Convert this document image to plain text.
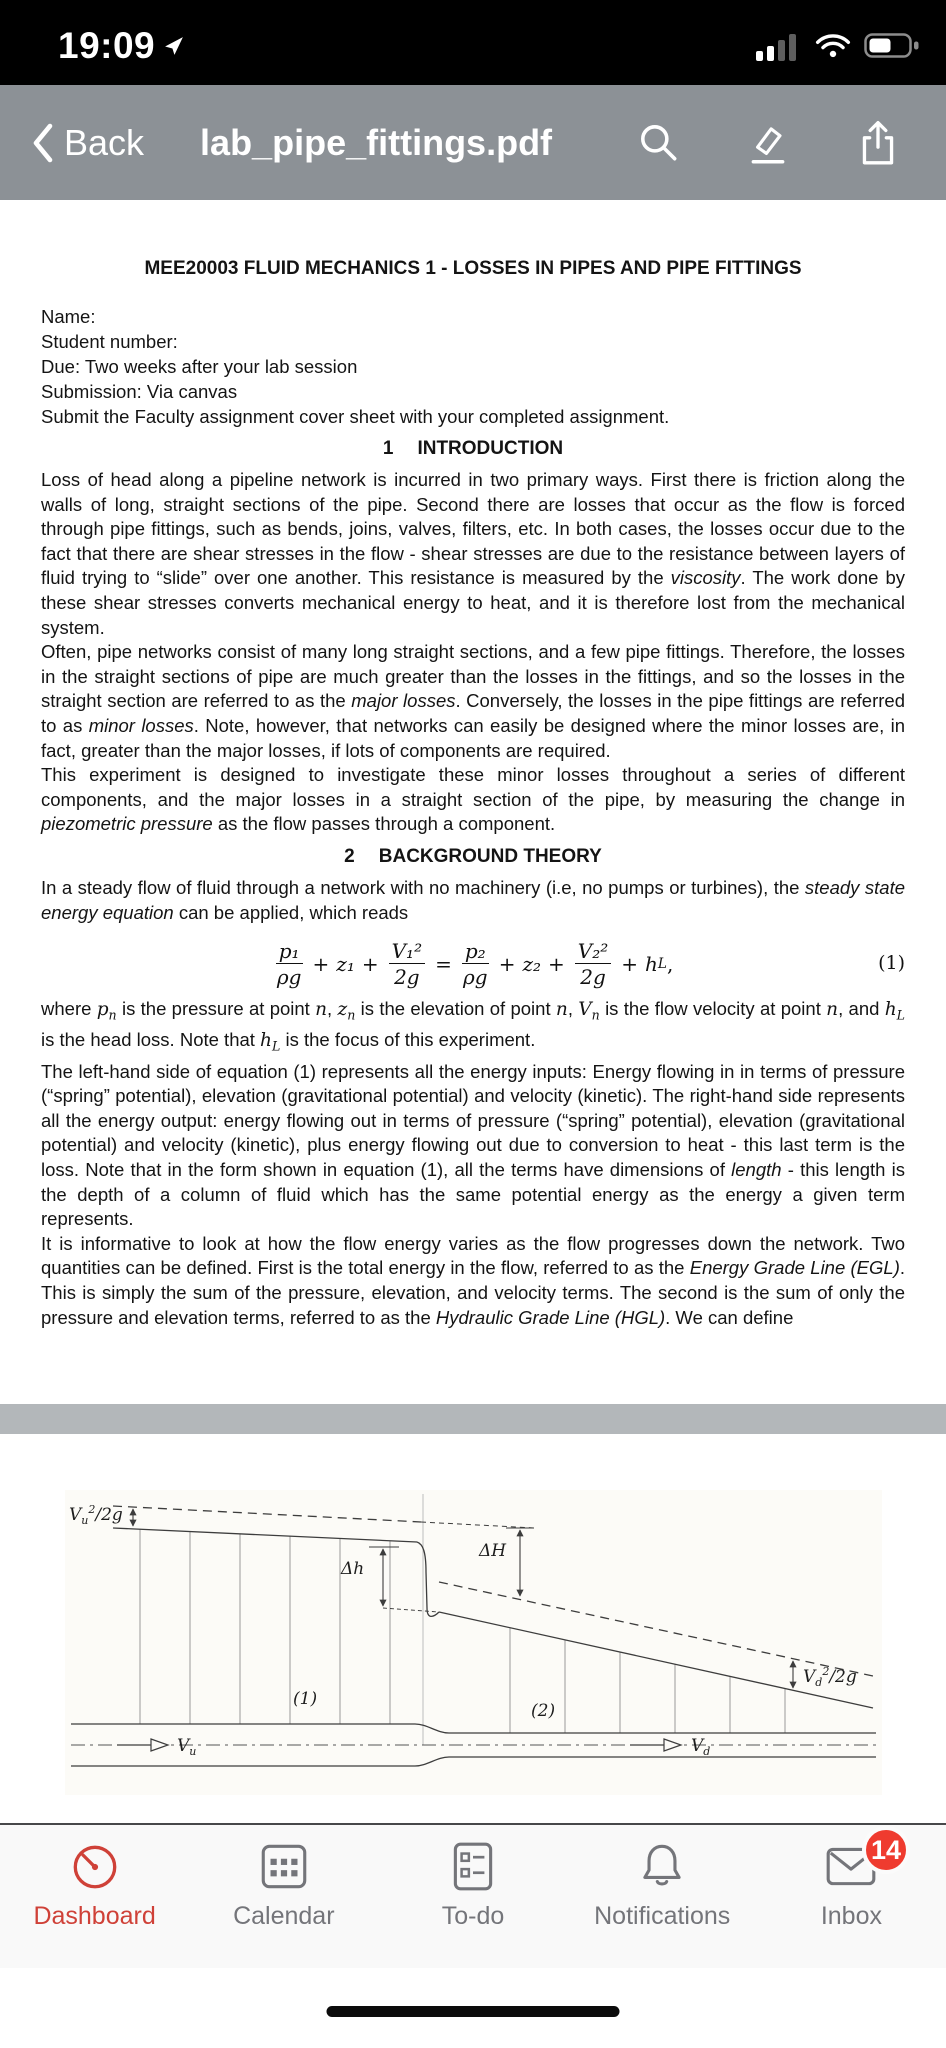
19:09
Back lab_pipe_fittings.pdf
MEE20003 FLUID MECHANICS 1 - LOSSES IN PIPES AND PIPE FITTINGS
Name:
Student number:
Due: Two weeks after your lab session
Submission: Via canvas
Submit the Faculty assignment cover sheet with your completed assignment.
1 INTRODUCTION

Loss of head along a pipeline network is incurred in two primary ways. First there is friction along the walls of long, straight sections of the pipe. Second there are losses that occur as the flow is forced through pipe fittings, such as bends, joins, valves, filters, etc. In both cases, the losses occur due to the fact that there are shear stresses in the flow - shear stresses are due to the resistance between layers of fluid trying to “slide” over one another. This resistance is measured by the viscosity. The work done by these shear stresses converts mechanical energy to heat, and it is therefore lost from the mechanical system.

Often, pipe networks consist of many long straight sections, and a few pipe fittings. Therefore, the losses in the straight sections of pipe are much greater than the losses in the fittings, and so the losses in the straight section are referred to as the major losses. Conversely, the losses in the pipe fittings are referred to as minor losses. Note, however, that networks can easily be designed where the minor losses are, in fact, greater than the major losses, if lots of components are required.

This experiment is designed to investigate these minor losses throughout a series of different components, and the major losses in a straight section of the pipe, by measuring the change in piezometric pressure as the flow passes through a component.

2 BACKGROUND THEORY

In a steady flow of fluid through a network with no machinery (i.e, no pumps or turbines), the steady state energy equation can be applied, which reads

$\frac{\text{p₁}}{\rho g} + z_1 + \frac{\text{V₁²}}{2g} = \frac{\text{p₂}}{\rho g} + z_2 + \frac{\text{V₂²}}{2g} + h$ L ,	(1)

where $p_n$ is the pressure at point n, $z_n$ is the elevation of point n, $V_n$ is the flow velocity at point n, and $h_L$ is the head loss. Note that $h_L$ is the focus of this experiment.

The left-hand side of equation (1) represents all the energy inputs: Energy flowing in in terms of pressure (“spring” potential), elevation (gravitational potential) and velocity (kinetic). The right-hand side represents all the energy output: energy flowing out in terms of pressure (“spring” potential), elevation (gravitational potential) and velocity (kinetic), plus energy flowing out due to conversion to heat - this last term is the loss. Note that in the form shown in equation (1), all the terms have dimensions of length - this length is the depth of a column of fluid which has the same potential energy as the energy a given term represents.

It is informative to look at how the flow energy varies as the flow progresses down the network. Two quantities can be defined. First is the total energy in the flow, referred to as the Energy Grade Line (EGL). This is simply the sum of the pressure, elevation, and velocity terms. The second is the sum of only the pressure and elevation terms, referred to as the Hydraulic Grade Line (HGL). We can define

$V_u^2/2g$
Δh
ΔH
$V_d^2/2g$
(1)
(2)
$V_u$	$V_d$
Dashboard	Calendar	To-do	Notifications
14
Inbox
